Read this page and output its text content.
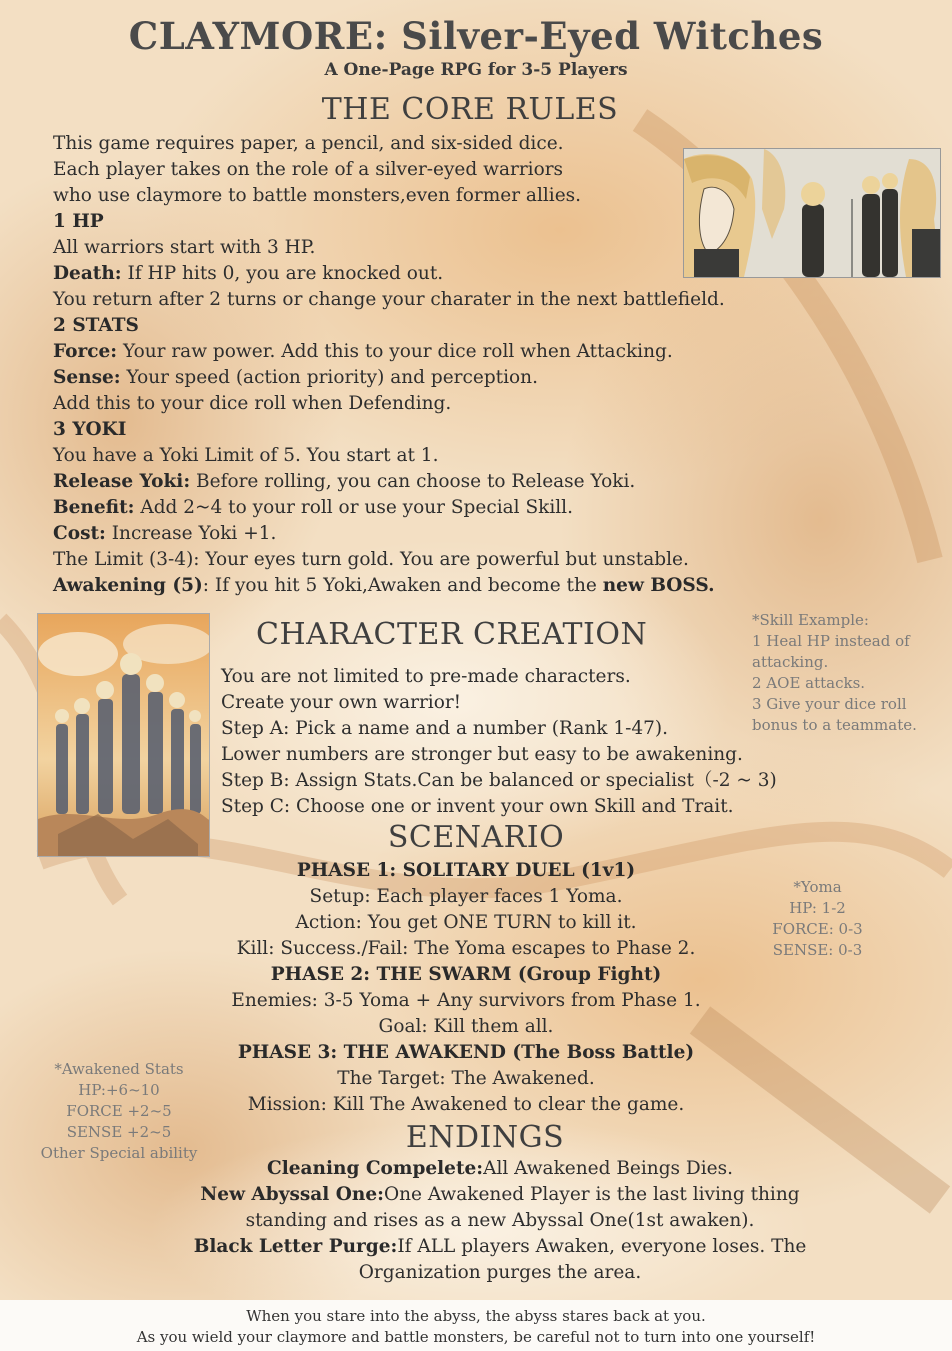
CLAYMORE: Silver-Eyed Witches
A One-Page RPG for 3-5 Players
THE CORE RULES
This game requires paper, a pencil, and six-sided dice.
Each player takes on the role of a silver-eyed warriors
who use claymore to battle monsters,even former allies.
1 HP
All warriors start with 3 HP.
Death: If HP hits 0, you are knocked out.
You return after 2 turns or change your charater in the next battlefield.
2 STATS
Force: Your raw power. Add this to your dice roll when Attacking.
Sense: Your speed (action priority) and perception.
Add this to your dice roll when Defending.
3 YOKI
You have a Yoki Limit of 5. You start at 1.
Release Yoki: Before rolling, you can choose to Release Yoki.
Benefit: Add 2~4 to your roll or use your Special Skill.
Cost: Increase Yoki +1.
The Limit (3-4): Your eyes turn gold. You are powerful but unstable.
Awakening (5): If you hit 5 Yoki,Awaken and become the new BOSS.
CHARACTER CREATION
You are not limited to pre-made characters.
Create your own warrior!
Step A: Pick a name and a number (Rank 1-47).
Lower numbers are stronger but easy to be awakening.
Step B: Assign Stats.Can be balanced or specialist（-2 ~ 3)
Step C: Choose one or invent your own Skill and Trait.
*Skill Example:
1 Heal HP instead of
attacking.
2 AOE attacks.
3 Give your dice roll
bonus to a teammate.
SCENARIO
PHASE 1: SOLITARY DUEL (1v1)
Setup: Each player faces 1 Yoma.
Action: You get ONE TURN to kill it.
Kill: Success./Fail: The Yoma escapes to Phase 2.
PHASE 2: THE SWARM (Group Fight)
Enemies: 3-5 Yoma + Any survivors from Phase 1.
Goal: Kill them all.
PHASE 3: THE AWAKEND (The Boss Battle)
The Target: The Awakened.
Mission: Kill The Awakened to clear the game.
*Yoma
HP: 1-2
FORCE: 0-3
SENSE: 0-3
*Awakened Stats
HP:+6~10
FORCE +2~5
SENSE +2~5
Other Special ability	ENDINGS
Cleaning Compelete:All Awakened Beings Dies.
New Abyssal One:One Awakened Player is the last living thing
standing and rises as a new Abyssal One(1st awaken).
Black Letter Purge:If ALL players Awaken, everyone loses. The
Organization purges the area.
When you stare into the abyss, the abyss stares back at you.
As you wield your claymore and battle monsters, be careful not to turn into one yourself!
